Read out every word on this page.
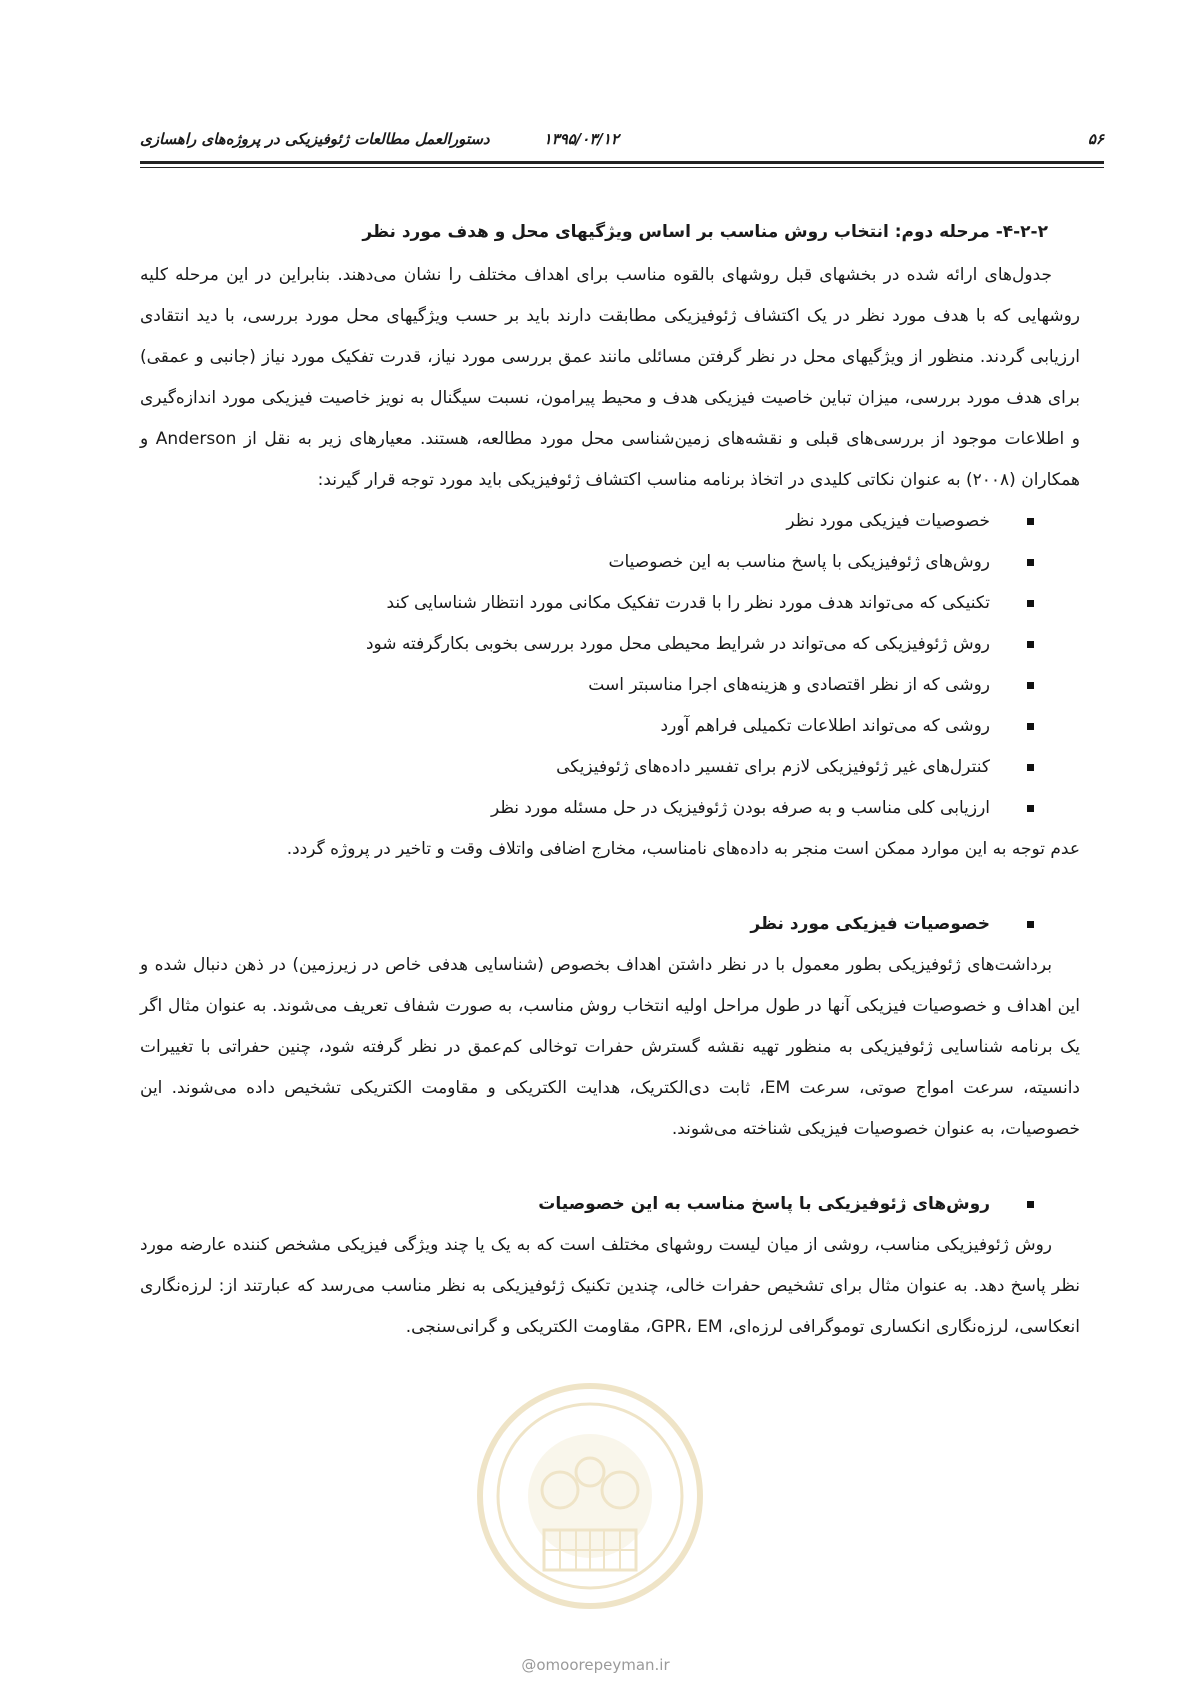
۵۶
۱۳۹۵/۰۳/۱۲
دستورالعمل مطالعات ژئوفیزیکی در پروژه‌های راهسازی
۴-۲-۲- مرحله دوم: انتخاب روش مناسب بر اساس ویژگیهای محل و هدف مورد نظر

جدول‌های ارائه شده در بخشهای قبل روشهای بالقوه مناسب برای اهداف مختلف را نشان می‌دهند. بنابراین در این مرحله کلیه روشهایی که با هدف مورد نظر در یک اکتشاف ژئوفیزیکی مطابقت دارند باید بر حسب ویژگیهای محل مورد بررسی، با دید انتقادی ارزیابی گردند. منظور از ویژگیهای محل در نظر گرفتن مسائلی مانند عمق بررسی مورد نیاز، قدرت تفکیک مورد نیاز (جانبی و عمقی) برای هدف مورد بررسی، میزان تباین خاصیت فیزیکی هدف و محیط پیرامون، نسبت سیگنال به نویز خاصیت فیزیکی مورد اندازه‌گیری و اطلاعات موجود از بررسی‌های قبلی و نقشه‌های زمین‌شناسی محل مورد مطالعه، هستند. معیارهای زیر به نقل از Anderson و همکاران (۲۰۰۸) به عنوان نکاتی کلیدی در اتخاذ برنامه مناسب اکتشاف ژئوفیزیکی باید مورد توجه قرار گیرند:

خصوصیات فیزیکی مورد نظر
روش‌های ژئوفیزیکی با پاسخ مناسب به این خصوصیات
تکنیکی که می‌تواند هدف مورد نظر را با قدرت تفکیک مکانی مورد انتظار شناسایی کند
روش ژئوفیزیکی که می‌تواند در شرایط محیطی محل مورد بررسی بخوبی بکارگرفته شود
روشی که از نظر اقتصادی و هزینه‌های اجرا مناسبتر است
روشی که می‌تواند اطلاعات تکمیلی فراهم آورد
کنترل‌های غیر ژئوفیزیکی لازم برای تفسیر داده‌های ژئوفیزیکی
ارزیابی کلی مناسب و به صرفه بودن ژئوفیزیک در حل مسئله مورد نظر

عدم توجه به این موارد ممکن است منجر به داده‌های نامناسب، مخارج اضافی واتلاف وقت و تاخیر در پروژه گردد.

خصوصیات فیزیکی مورد نظر

برداشت‌های ژئوفیزیکی بطور معمول با در نظر داشتن اهداف بخصوص (شناسایی هدفی خاص در زیرزمین) در ذهن دنبال شده و این اهداف و خصوصیات فیزیکی آنها در طول مراحل اولیه انتخاب روش مناسب، به صورت شفاف تعریف می‌شوند. به عنوان مثال اگر یک برنامه شناسایی ژئوفیزیکی به منظور تهیه نقشه گسترش حفرات توخالی کم‌عمق در نظر گرفته شود، چنین حفراتی با تغییرات دانسیته، سرعت امواج صوتی، سرعت EM، ثابت دی‌الکتریک، هدایت الکتریکی و مقاومت الکتریکی تشخیص داده می‌شوند. این خصوصیات، به عنوان خصوصیات فیزیکی شناخته می‌شوند.

روش‌های ژئوفیزیکی با پاسخ مناسب به این خصوصیات

روش ژئوفیزیکی مناسب، روشی از میان لیست روشهای مختلف است که به یک یا چند ویژگی فیزیکی مشخص کننده عارضه مورد نظر پاسخ دهد. به عنوان مثال برای تشخیص حفرات خالی، چندین تکنیک ژئوفیزیکی به نظر مناسب می‌رسد که عبارتند از: لرزه‌نگاری انعکاسی، لرزه‌نگاری انکساری توموگرافی لرزه‌ای، GPR، EM، مقاومت الکتریکی و گرانی‌سنجی.

@omoorepeyman.ir
